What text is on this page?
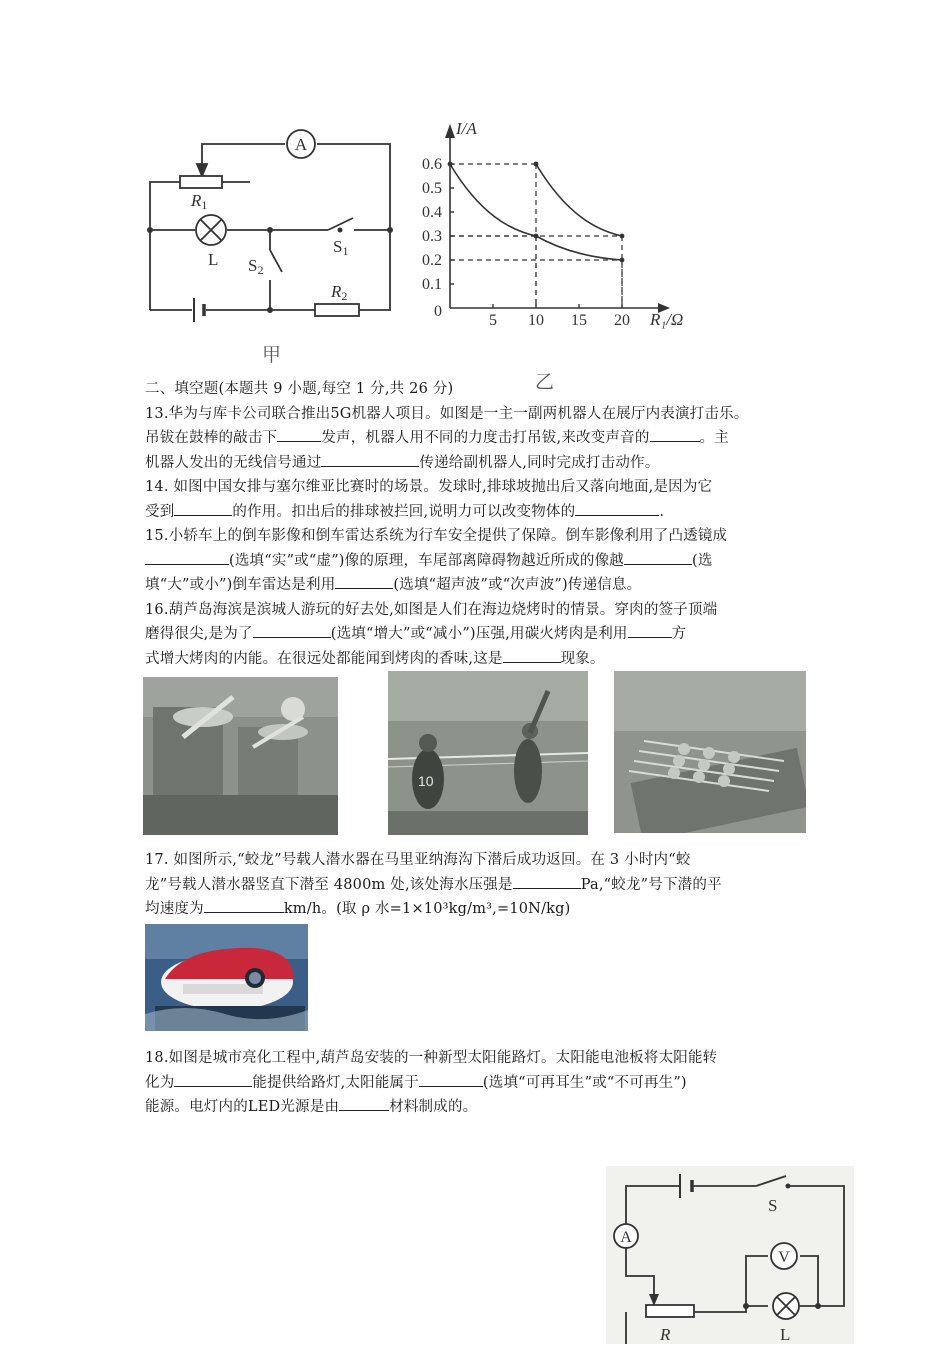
A
R1
L
S1
S2
R2
甲
I/A
R₁/Ω
0
5 10 15 20
0.1
0.2
0.3
0.4
0.5
0.6
乙

二、填空题(本题共 9 小题,每空 1 分,共 26 分)

13.华为与库卡公司联合推出5G机器人项目。如图是一主一副两机器人在展厅内表演打击乐。

吊钹在鼓棒的敲击下	发声，机器人用不同的力度击打吊钹,来改变声音的	。主

机器人发出的无线信号通过	传递给副机器人,同时完成打击动作。

14. 如图中国女排与塞尔维亚比赛时的场景。发球时,排球坡抛出后又落向地面,是因为它

受到	的作用。扣出后的排球被拦回,说明力可以改变物体的	.

15.小轿车上的倒车影像和倒车雷达系统为行车安全提供了保障。倒车影像利用了凸透镜成

(选填“实”或“虚”)像的原理，车尾部离障碍物越近所成的像越	(选

填“大”或小”)倒车雷达是利用	(选填“超声波”或“次声波”)传递信息。

16.葫芦岛海滨是滨城人游玩的好去处,如图是人们在海边烧烤时的情景。穿肉的签子顶端

磨得很尖,是为了	(选填“增大”或“减小”)压强,用碳火烤肉是利用	方

式增大烤肉的内能。在很远处都能闻到烤肉的香味,这是	现象。

10

17. 如图所示,“蛟龙”号载人潜水器在马里亚纳海沟下潜后成功返回。在 3 小时内“蛟

龙”号载人潜水器竖直下潜至 4800m 处,该处海水压强是	Pa,“蛟龙”号下潜的平

均速度为	km/h。(取 ρ 水=1×10³kg/m³,=10N/kg)

18.如图是城市亮化工程中,葫芦岛安装的一种新型太阳能路灯。太阳能电池板将太阳能转

化为	能提供给路灯,太阳能属于	(选填“可再耳生”或“不可再生”)

能源。电灯内的LED光源是由	材料制成的。

A
V
S
R	L
